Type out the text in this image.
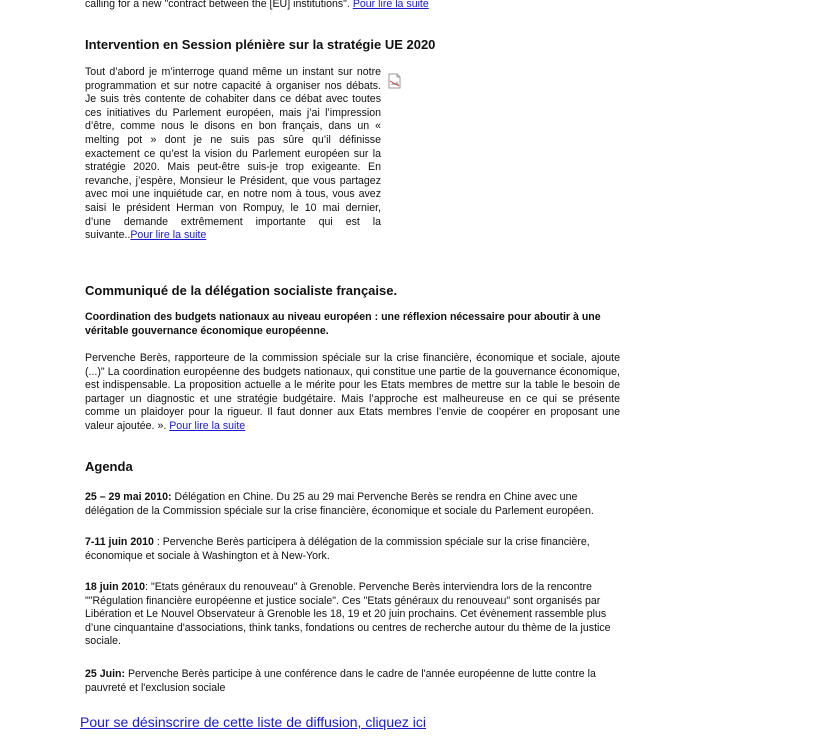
calling for a new "contract between the [EU] institutions". Pour lire la suite
Intervention en Session plénière sur la stratégie UE 2020
Tout d’abord je m’interroge quand même un instant sur notre programmation et sur notre capacité à organiser nos débats. Je suis très contente de cohabiter dans ce débat avec toutes ces initiatives du Parlement européen, mais j’ai l’impression d’être, comme nous le disons en bon français, dans un « melting pot » dont je ne suis pas sûre qu’il définisse exactement ce qu’est la vision du Parlement européen sur la stratégie 2020. Mais peut-être suis-je trop exigeante. En revanche, j’espère, Monsieur le Président, que vous partagez avec moi une inquiétude car, en notre nom à tous, vous avez saisi le président Herman von Rompuy, le 10 mai dernier, d’une demande extrêmement importante qui est la suivante..Pour lire la suite
Communiqué de la délégation socialiste française.
Coordination des budgets nationaux au niveau européen : une réflexion nécessaire pour aboutir à une véritable gouvernance économique européenne.
Pervenche Berès, rapporteure de la commission spéciale sur la crise financière, économique et sociale, ajoute (...)" La coordination européenne des budgets nationaux, qui constitue une partie de la gouvernance économique, est indispensable. La proposition actuelle a le mérite pour les Etats membres de mettre sur la table le besoin de partager un diagnostic et une stratégie budgétaire. Mais l’approche est malheureuse en ce qui se présente comme un plaidoyer pour la rigueur. Il faut donner aux Etats membres l’envie de coopérer en proposant une valeur ajoutée. ». Pour lire la suite
Agenda
25 – 29 mai 2010: Délégation en Chine. Du 25 au 29 mai Pervenche Berès se rendra en Chine avec une délégation de la Commission spéciale sur la crise financière, économique et sociale du Parlement européen.
7-11 juin 2010 : Pervenche Berès participera à délégation de la commission spéciale sur la crise financière, économique et sociale à Washington et à New-York.
18 juin 2010: "Etats généraux du renouveau" à Grenoble. Pervenche Berès interviendra lors de la rencontre ""Régulation financière européenne et justice sociale". Ces "Etats généraux du renouveau" sont organisés par Libération et Le Nouvel Observateur à Grenoble les 18, 19 et 20 juin prochains. Cet évènement rassemble plus d’une cinquantaine d'associations, think tanks, fondations ou centres de recherche autour du thème de la justice sociale.
25 Juin: Pervenche Berès participe à une conférence dans le cadre de l'année européenne de lutte contre la pauvreté et l'exclusion sociale
Pour se désinscrire de cette liste de diffusion, cliquez ici
